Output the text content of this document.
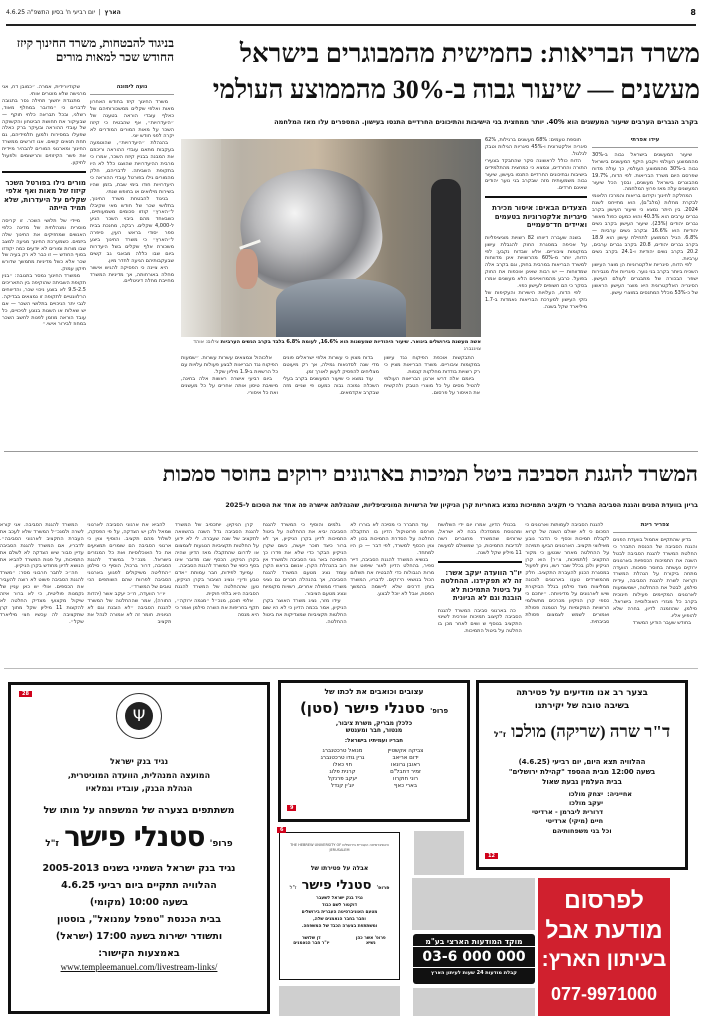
8
הארץ  |  יום רביעי ח' בסיון התשפ"ה 4.6.25
משרד הבריאות: כחמישית מהמבוגרים בישראל
מעשנים — שיעור גבוה ב-30% מהממוצע העולמי
בקרב הגברים הערבים שיעור המעשנים הוא 40%. יותר ממחצית בני הישיבות והתיכונים החרדיים התנסו בעישון. המספרים עלו מאז המלחמה
עידו אפרתי

שיעור המעשנים בישראל גבוה ב-30% מהממוצע העולמי ויקבע היקף המעשנים בישראל גבוה ב-30% מהממוצע העולמי, כך עולה מדוח שפרסם היום משרד הבריאות. לפי הדוח, 19.7% מהבוגרים בישראל מעשנים, ובסך הכל שיעור המעשנים עלה מאז פרוץ המלחמה.

המחלקה לחינוך וקידום בריאות והמרכז הלאומי לבקרת מחלות (מלב"ם), הוא מתייחס לשנת 2024. בין היתר נמצא כי שיעור העישון בקרב גברים ערבים הוא 40.3% והוא כמעט כפול מאשר גברים יהודים (23%). שיעור העישון בקרב נשים יהודיות הוא 16.6% ובקרב נשים ערביות — 6.8%. הגיל הממוצע לתחילת עישון הוא 18.9 בקרב גברים יהודים, 20.8 בקרב גברים ערבים, 20.2 בקרב נשים יהודיות ו-24.1 בקרב נשים ערביות.

לפי הדוח, סיגריות אלקטרוניות הן מוצר העישון השכיח ביותר בקרב בני נוער. סיגריות אלו מגבירות ישפר הבכורה של מתבגרים לעולם העישון. הסיגריה האלקטרונית היא מוצר העישון הראשון של כ-53% מכלל המתנסים במוצרי עישון.

תוספת טעמים: 68% מעשנים ברגילות, 62% סיגריה אלקטרונית ו-45% סיגריות הגילות וטבק לגלגול.

הדוח כולל לראשונה סקר שהתבקד בצעירי התורה והחרדים, ונמצא כי כמחצית מהתלמידים בישיבות ובתיכונים החרדיים התנסו בעישון, שיעור גבוה משמעותית מזה שבקרב בני נוער יהודים שאינם חרדים.

הצעדים הבאים: איסור מכירת סיגריות אלקטרוניות בטעמים ואיידים חד־פעמיים

בשנה שעברה דיווחו 82 רשויות מוניציפליות על אכיפה במסגרת החוק להגבלת עישון במקומות ציבוריים. אלא שבדוח נקבע: לפי הדוח, יותר מ-60% מהרשויות אינן מדווחות למשרד הבריאות במרבית בחוק, וגם בקרב אלה שמדווחות — יש רבות שאינן אוכפות את החוק בפועל. כרבע מהמרואיינים הלא מעשנים אמרו בסקר כי הם חשופים לעישון כפוי.

לפי הדוח, העלויות הישירות והעקיפות של נזקי העישון למערכת הבריאות נאמדות ב-1.7 מיליארד שקל בשנה.

אשה מעשנת בירושלים בינואר. שיעור היהודיות שמעשנות הוא 16.6%, לעומת 6.8% בלבד בקרב הנשים הערביות צילום: אוהד צויגנברג

התבקשות אוכפת הפיקוח נגד עישון במקומות ציבוריים. משרד הבריאות מציין כי רק רשויות בודדות מחלקות קנסות.

ביומם אלה דרש ארגון הבריאות העולמי להטיל מסים על כל מוצרי הטבק ולהקשיח את האיסור על פרסום.

בדוח מצוין כי עשרות אלפי ישראלים פונים מדי שנה לסדנאות גמילה, אך רק מיעוטם מצליחים להפסיק לעשן לאורך זמן.

עוד נמצא כי שיעור המעשנים בקרב בעלי השכלה נמוכה גבוה כמעט פי שניים מזה שבקרב אקדמאים.

אלכוהול ונמצאים עשרות עשרות. ״שמעות הפיקוח נגד הבריאות לבצע פעולות עלויות עם כל הרשויות ב-1.9 מיליון שקל.

ביום רביעי אישרה ראשות אלה בחינה, מישיבת טיסון אותה אחרים על כל מעשנים ואת כל איסורי.

בניגוד להבטחות, משרד החינוך קיזז החודש שכר למאות מורים
נועה לימונה

משרד החינוך קיזז בחודש האחרון מאות ואלפי שקלים ממשכורותיהם של כאלף עובדי הוראה בטענה של ״היעדרויות״, אף שהבטיח כי קיזוז השכר על מאות המורים המודרים לא יקרה לפני חודש יוני.

בהנהלת ״היעדרויות״, שהוטמעה בעקבות מתאם עובדי ההוראה וריכוזם את המבנה בבניין קיזוז השכר, אמרו כי מרבית ההיעדרויות שהוצגו כלל לא היו בתקופת השביתה. לדבריהם, חלק מהמורים גילו בפורטל עובדי ההוראה כי היעדרויות חודו בימי שבת, בזמן שהיו בשירות מילואים או בחופש שנתי.

בניגוד להבטחת משרד החינוך, בתלושי שכר של חודש מאי שקיבלו ל״הארץ״ קוזזו סכומים משמעותיים, כשבאחד מהם ביבוי השכר הגיע ל-4,000 שקלים. רבקה, מחנכת בבית ספר יסודי בראש העין, סיפרה ל״הארץ״ כי משרד החינוך ביצע משכורת אלף שקלים בשל היעדרות ביום שבו כללה מבאבי גב קשים שבעקבותיהם הגיעה לחדר מיון.

היא ציינה כי הפסיקה להגיש אישור מחלה באורחותה, אך מדיניות המשרד מחייבת מחלה דיגיטליים.

שקודיורידית, אמרה. ״כמובן דח, אני מרגישה שלא מוטרים אותי.

מתנגדת יחשוך תחילה נסר בתגובה לדברים כי ״מדובר במחלף מאוד, רשלני, ובכל תבראה כלחי תוקף — שבעיקור את תחושת הביטחון והקשוקה של עובדי ההוראה ובעיקר ברק כאלה שפעלו במסירות ולמען תלמידיהם, גם תחת תנאים קשים. אנו דורשים ממשרד החינוך ומארגוני המורים להבהיר מיידית את פשר הקיזוזים והרישומים ולפעול לתיקון.

מורים נילו בפורטל השכר קיזוז של מאות ואף אלפי שקלים על היעדרות, שלא תמיד הייתה

מיידי של תלושי השכר. זו קריסה מוסרית ומנהלתית של מדינה כלפי האנשים שמחזיקים את החינוך שלה ביזמים. כשמערכת החינוך מגיעה למצב שבו מורות ומורים לא יודעים כמה יקודזו בסוף החודש — זו כבר לא רק בעיה של שכר אלא כשל מדיניות מתמשך שדורש תיקון עמוק.

ממשרד החינוך נמסר בתגובה: ״בנין תקופת השביתה שהוקיפה בין התאריכים 9.5-2.5 לא בוצע ניכוי שכר, והדיווחים הרלוונטיים לתקופה זו נמצאים בבדיקה. לגבי יתר הניכויים בתלושי השכר — אם יש שאלות או השגות בנוגע לניכויים, כל עובד הוראה מוזמן לפנות לחשב השכר במחוז לבירור אישי.״

המשרד להגנת הסביבה ביטל תמיכות בארגונים ירוקים בחוסר סמכות
בריון בוועדת הפנים והגנת הסביבה התברר כי תקציב התמיכות נמצא באחריות קרן הניקיון של הרשויות המוניציפליות, שהנהלתה אישרה פה אחד את הסכום ל-2025
צפריר רינת

בדיון שהתקיים אתמול בוועדת הפנים והגנת הסביבה של הכנסת התברר כי החלטת המשרד להגנת הסביבה לבטל השנה את התמיכות הכספיות בארגונים ירוקים נעשתה בחוסר סמכות. הוועדה מתחה ביקורת על הנהלת המשרד וקראה לשרת להגנת הסביבה, עידית סילמן, לבטל את ההחלטה, ישמשמעות לארגונים המקיימים פעילות חינוכית בקרב כל מגזרי האוכלוסייה בישראל. סילמן, שהוזמנה לדיון, בחרה שלא להופיע אליו.

בחודש שעבר הודיע המשרד

להגנת הסביבה לעמותות וארגונים כי הסכום כי לא ישולם השנה של קרוא לקבלת תמיכות וכסף כי הדבר נובע מאילוצי תקציב. הארגונים הביעו תמיהה על ההחלטה מאחר שנטען כי מקור התקציב (לתמיכות, צ״ר) הוא קרן הניקיון ולכן בכלל שבר רשו, ניתן לפעול במסגרת הכנון להעברת התקציב. חלק מהמשרדים טענו בארגונים לנכונה ממליצות מצד סילמן בגלל הביקורת שיש לארגונים על מדיניותה. ״יותכם כי כספי קרן הניקיון מכרכים מתשלומי הרשויות המקומיות על הטמנה פסולת ואמורים לשמש לצמצום פסולת סביבתית.

בכנולי הדיון, אמרו יום ידי השלושת ומהנוסת ממסדכלו בכח לא ישראל, שרוהים שהמשרד מחוברים רשה לנדיבות התמיכות, כך שמשולם למעשה 11 מיליון שקל לשנה.

יו"ר הוועדה יעקב אשר: זה לא תפקידנו. ההחלטה על ביטול התמיכות לא הובנת וגם לא הגיונית

כה בארגוני סביבה המשרד להגנת הסביבה לקיצוב תמיכות אורכית לשינוי התקציב בנוסף ש ושים לאחר מכן בו החלטה על ביטול התמיכות.

עוד התברר כי מסיכה לא בוררו לא פורסם פרוטוקול הדיון בו התקבלה החלטה על הסדרת התמיכות בכון לא צוין הכסף למשרד, לפי דבר — כן היו למתחד.

בנשיא המשרד להגנת הסביבה, דייר ספיר, בהחלט הדיון לאור שיפוט את מרות הגבולות כדי להבטיח את תשלום הכול בנושאי הי־וקים. לדבריו, המשרד בוחן דרכים שלא ליישמה בהמשך הפסת, אבל לא יוכל לבצע.

גלמים והוסיף כי המשרד להגנת הסביבה יביא את ההחלטה על ביטול התמיכות לדיון בקרן הניקיון, אך לא ברור כיצד תוכר ייעשה, כשם שקרן הניקיון הבקר כדי שלא את פדרו כך התמיכה באר גוני הסביבה ולמשרד אין רוב בהנהלת הקרן. אנשם בראש הקרן עומד נציג מטעם המשרד להגנת הסביבה, אך בהנהלה חברים גם נציגי משרדי ממשלה אחרים, רשויות מקומיות ונציג מטעם הציבור.

עידו מזר, נציג משרד האוצר בקרן הניקיון, אמר בכמה הדיון כי לא היו שום החלטות תקציביות שמצדיקות את ביטול ההחלטה.

קרן הניקיון. יותכסיב של המשרד להגנת הסביבה גדל השנה בהשוואה לתקציב של שנה שעברה. לי לא ידוע על החלטות תקציביות הנוגעות לצמצום או לדרום שהתקבלו מאז הדיון שהיה בקרן הניקיון. הכסף שבו מדובר אינו בסף כיסוי של המשרד להגנת הסביבה.

עמיעד לפידות, חבר עמותת ״אדם טבע ודין״ ונציג הציבור בקרן הניקיון, טען שההחלטה של המשרד להגנת הסביבה היא בלתי חוקית.

אלפי תוכנן, מנכ״ל ״מגמה ירוקה״, תקף בחריפות את השרה סילמן ואמר כי היא מנסה

להביא את ארגוני הסביבה לארגוני שמאל ולכן יש הצדקה, על פי הפסקה, לשלול מהם תקציב. והוסיף צוין כי ארגוני הסביבה הם שומרים תמציעים את כל האוכלוסיות ואת כל המגזרים בישראל. מנכ״ל במשרד להגנת הסביבה, דרור ברכול, הוסיף כי סילמן ״החליטה משיקולים לפגוע בארגוני הסביבה לפרוות שהם השותפים הכי טובים של המשרד״.

יו״ר הוועדה, ח״כ יעקב אשר (יהדות התורה), אמר שההחלטה של המשרד להגנת הסביבה ״לא הובנת וגם לא הגיונית. חומר זה לא אמורה לנהל את תקציב

המשרד להגנת הסביבה. אני קורא לשרה ולמנכ״ל המשרד שלא לעכב את העברת התקציב לארגוני הסביבה״. לדבריו, אם המשרד להגנת הסביבה עדיין סבור שיש הצדקה לא לשלם את התמיכות, על פנות המשרד להביא את הנושא לדיון מחודש בקרן הניקיון.

חה״כ לתבר חרבוני מסר: ״משרד להגנת הסביבה פשוט לא רוצה להעביר את הכספים. אולי יש כאן עניין של נקמנות פוליטית, כי לא ברור איזה שיקול מקצועי מצדיק החלטה לא להקצות 11 מיליון שקל מתוך קרן שתקציבה לה עכשיו חצי מיליארד שקל״.

28
Ψ
נגיד בנק ישראל
המועצה המנהלית, הוועדה המוניטרית,
הנהלת הבנק, עובדיו וגמלאיו
משתתפים בצערה של המשפחה על מותו של
פרופ' סטנלי פישר ז"ל
נגיד בנק ישראל השמיני בשנים 2005-2013
ההלוויה תתקיים ביום רביעי 4.6.25
בשעה 10:00 (מקומי)
בבית הכנסת "טמפל עמנואל", בוסטון
ותשודר ישירות בשעה 17:00 (ישראל)
באמצעות הקישור:
www.templeemanuel.com/livestream-links/
9
עצובים וכואבים את לכתו של
פרופ' סטנלי פישר (סטן)
כלכלן מבריק, משרת ציבור,
מנטור, חבר ומענטש
חבריו ועמיתיו בישראל:
צביקה אקשטיין
מנואל טרכטנברג
ידום אריאב
גרין גודו טרכטנברג
ראובן גרונאו
חוי כאלו
זמיר דחבל"ם
קרנית פלוג
רוני חוקרוו
יעקב פרנקל
בארי כאף
יוג'ין קנדל
12
בצער רב אנו מודיעים על פטירתה
בשיבה טובה של יקירתנו
ד"ר שרה (שריקה) מולכו ז"ל
ההלוויה תצא היום, יום רביעי (4.6.25)
בשעה 12:00 מבית ההספד "קהילת ירושלים"
בבית העלמין גבעת שאול
אחייניה:
יצחק מולכו
יעקב מולכו
דרורית ליברמן - ארדיטי
חיים (מיקי) ארדיטי
וכל בני משפחותיהם
6
האוניברסיטה העברית בירושלים THE HEBREW UNIVERSITY OF JERUSALEM
אבלה על פטירתו של
פרופ' סטנלי פישר ז"ל
נגיד בנק ישראל לשעבר
דוקטור לשם כבוד
מטעם האוניברסיטה העברית בירושלים
וחבר בחבר הנאמנים שלה,
ומשתתפת בצערה הכבד של המשפחה.
פרופ' אשר כהן
נשיא
דן שלושר
יו"ר חבר הנאמנים	מוקד המודעות הארצי בע"מ
03-6 000 000
קבלת מודעות 24 שעות לעיתון הארץ
לפרסום
מודעת אבל
בעיתון הארץ:
077-9971000
